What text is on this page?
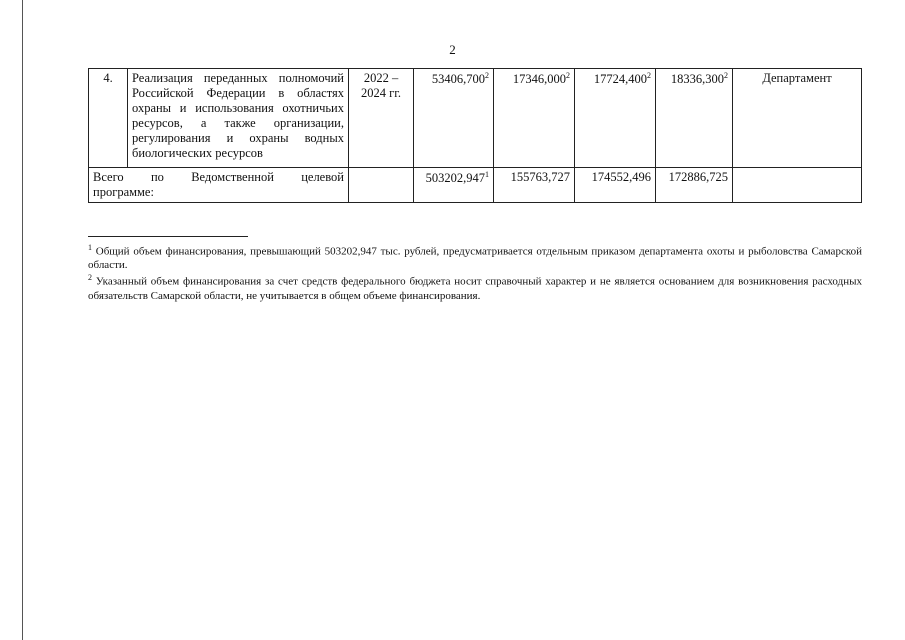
2
4.	Реализация переданных полномочий Российской Федерации в областях охраны и использования охотничьих ресурсов, а также организации, регулирования и охраны водных биологических ресурсов	2022 – 2024 гг.	53406,700$^2$	17346,000$^2$	17724,400$^2$	18336,300$^2$	Департамент
Всего по Ведомственной целевой
программе:			503202,947$^1$	155763,727	174552,496	172886,725	

$^1$ Общий объем финансирования, превышающий 503202,947 тыс. рублей, предусматривается отдельным приказом департамента охоты и рыболовства Самарской области.

$^2$ Указанный объем финансирования за счет средств федерального бюджета носит справочный характер и не является основанием для возникновения расходных обязательств Самарской области, не учитывается в общем объеме финансирования.
